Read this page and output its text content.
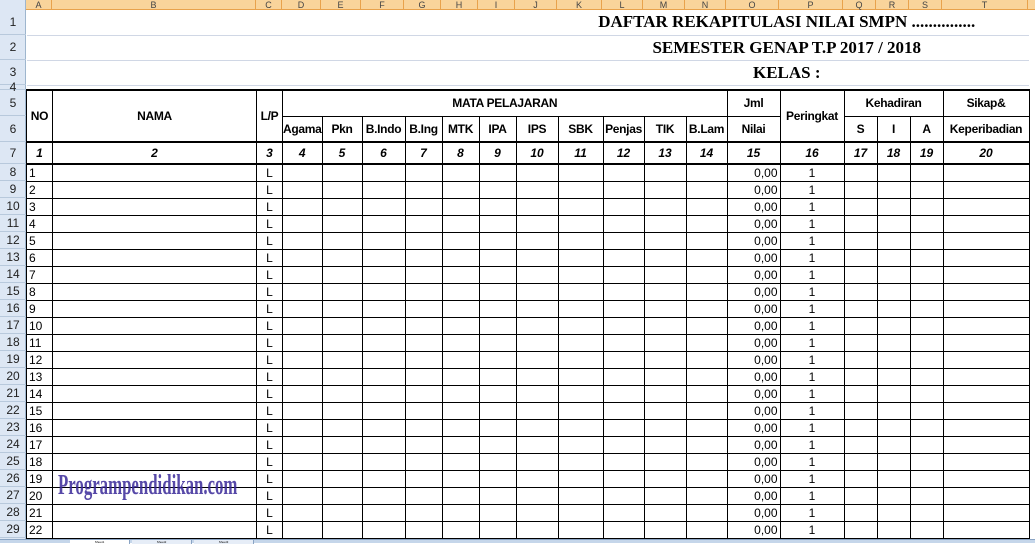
A	B	C	D	E	F	G	H	I	J	K	L	M	N	O	P	Q	R	S	T
1
2
3
4
5
6
7
8
9
10
11
12
13
14
15
16
17
18
19
20
21
22
23
24
25
26
27
28
29
DAFTAR REKAPITULASI NILAI SMPN ...............																			
SEMESTER GENAP T.P 2017 / 2018																			
KELAS :																			

NO	NAMA	L/P	MATA PELAJARAN											Jml	Peringkat	Kehadiran			Sikap&
			Agama	Pkn	B.Indo	B.Ing	MTK	IPA	IPS	SBK	Penjas	TIK	B.Lam	Nilai		S	I	A	Keperibadian
1	2	3	4	5	6	7	8	9	10	11	12	13	14	15	16	17	18	19	20
1		L												0,00	1				
2		L												0,00	1				
3		L												0,00	1				
4		L												0,00	1				
5		L												0,00	1				
6		L												0,00	1				
7		L												0,00	1				
8		L												0,00	1				
9		L												0,00	1				
10		L												0,00	1				
11		L												0,00	1				
12		L												0,00	1				
13		L												0,00	1				
14		L												0,00	1				
15		L												0,00	1				
16		L												0,00	1				
17		L												0,00	1				
18		L												0,00	1				
19		L												0,00	1				
20		L												0,00	1				
21		L												0,00	1				
22		L												0,00	1				
Programpendidikan.com
Sheet1	Sheet2	Sheet3
